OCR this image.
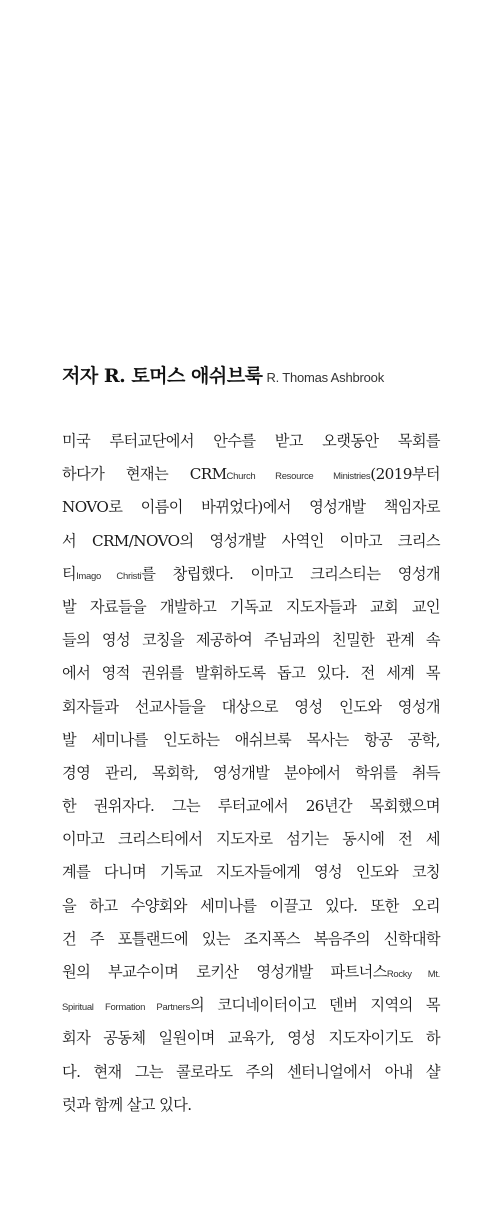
저자 R. 토머스 애쉬브룩 R. Thomas Ashbrook
미국 루터교단에서 안수를 받고 오랫동안 목회를
하다가 현재는 CRMChurch Resource Ministries(2019부터
NOVO로 이름이 바뀌었다)에서 영성개발 책임자로
서 CRM/NOVO의 영성개발 사역인 이마고 크리스
티Imago Christi를 창립했다. 이마고 크리스티는 영성개
발 자료들을 개발하고 기독교 지도자들과 교회 교인
들의 영성 코칭을 제공하여 주님과의 친밀한 관계 속
에서 영적 권위를 발휘하도록 돕고 있다. 전 세계 목
회자들과 선교사들을 대상으로 영성 인도와 영성개
발 세미나를 인도하는 애쉬브룩 목사는 항공 공학,
경영 관리, 목회학, 영성개발 분야에서 학위를 취득
한 권위자다. 그는 루터교에서 26년간 목회했으며
이마고 크리스티에서 지도자로 섬기는 동시에 전 세
계를 다니며 기독교 지도자들에게 영성 인도와 코칭
을 하고 수양회와 세미나를 이끌고 있다. 또한 오리
건 주 포틀랜드에 있는 조지폭스 복음주의 신학대학
원의 부교수이며 로키산 영성개발 파트너스Rocky Mt.
Spiritual Formation Partners의 코디네이터이고 덴버 지역의 목
회자 공동체 일원이며 교육가, 영성 지도자이기도 하
다. 현재 그는 콜로라도 주의 센터니얼에서 아내 샬
럿과 함께 살고 있다.
